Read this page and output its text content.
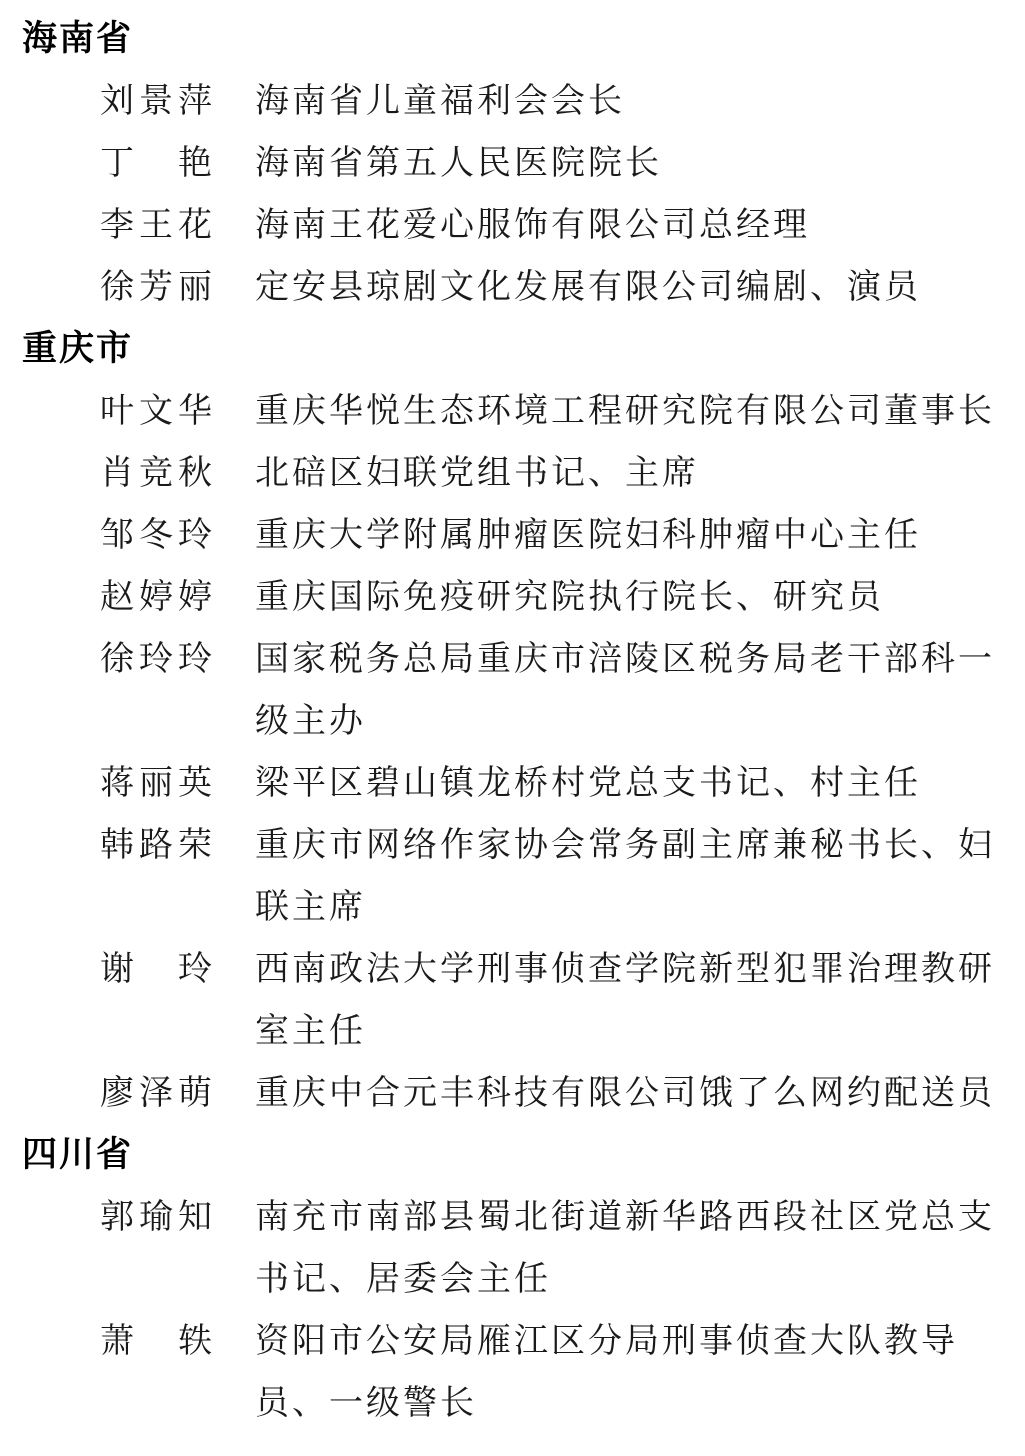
海南省
刘 景 萍 海南省儿童福利会会长
丁 艳 海南省第五人民医院院长
李 王 花 海南王花爱心服饰有限公司总经理
徐 芳 丽 定安县琼剧文化发展有限公司编剧、演员
重庆市
叶 文 华 重庆华悦生态环境工程研究院有限公司董事长
肖 竞 秋 北碚区妇联党组书记、主席
邹 冬 玲 重庆大学附属肿瘤医院妇科肿瘤中心主任
赵 婷 婷 重庆国际免疫研究院执行院长、研究员
徐 玲 玲 国家税务总局重庆市涪陵区税务局老干部科一级主办
蒋 丽 英 梁平区碧山镇龙桥村党总支书记、村主任
韩 路 荣 重庆市网络作家协会常务副主席兼秘书长、妇联主席
谢 玲 西南政法大学刑事侦查学院新型犯罪治理教研室主任
廖 泽 萌 重庆中合元丰科技有限公司饿了么网约配送员
四川省
郭 瑜 知 南充市南部县蜀北街道新华路西段社区党总支书记、居委会主任
萧 轶 资阳市公安局雁江区分局刑事侦查大队教导员、一级警长
